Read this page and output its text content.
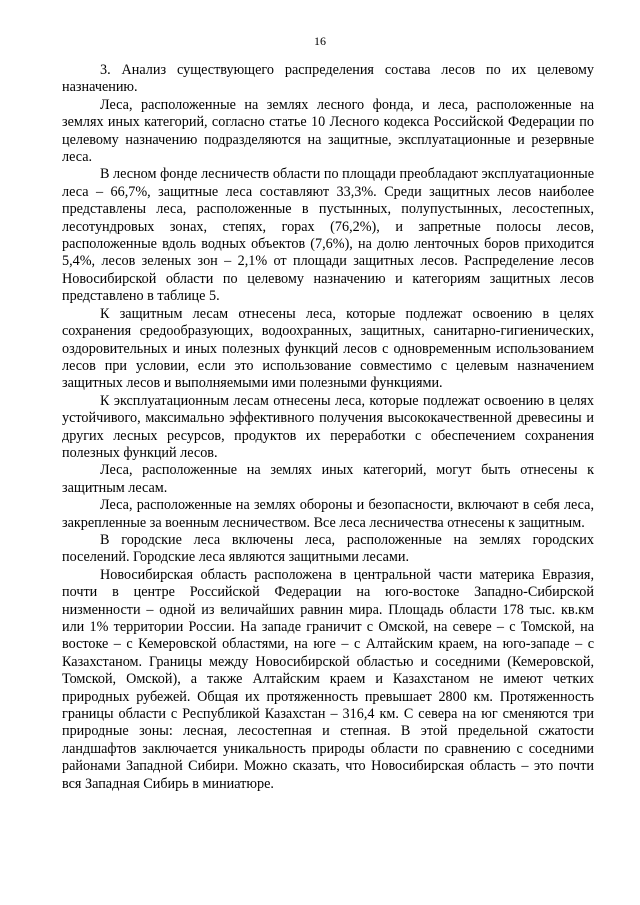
16

3. Анализ существующего распределения состава лесов по их целевому назначению.

Леса, расположенные на землях лесного фонда, и леса, расположенные на землях иных категорий, согласно статье 10 Лесного кодекса Российской Федерации по целевому назначению подразделяются на защитные, эксплуатационные и резервные леса.

В лесном фонде лесничеств области по площади преобладают эксплуатационные леса – 66,7%, защитные леса составляют 33,3%. Среди защитных лесов наиболее представлены леса, расположенные в пустынных, полупустынных, лесостепных, лесотундровых зонах, степях, горах (76,2%), и запретные полосы лесов, расположенные вдоль водных объектов (7,6%), на долю ленточных боров приходится 5,4%, лесов зеленых зон – 2,1% от площади защитных лесов. Распределение лесов Новосибирской области по целевому назначению и категориям защитных лесов представлено в таблице 5.

К защитным лесам отнесены леса, которые подлежат освоению в целях сохранения средообразующих, водоохранных, защитных, санитарно-гигиенических, оздоровительных и иных полезных функций лесов с одновременным использованием лесов при условии, если это использование совместимо с целевым назначением защитных лесов и выполняемыми ими полезными функциями.

К эксплуатационным лесам отнесены леса, которые подлежат освоению в целях устойчивого, максимально эффективного получения высококачественной древесины и других лесных ресурсов, продуктов их переработки с обеспечением сохранения полезных функций лесов.

Леса, расположенные на землях иных категорий, могут быть отнесены к защитным лесам.

Леса, расположенные на землях обороны и безопасности, включают в себя леса, закрепленные за военным лесничеством. Все леса лесничества отнесены к защитным.

В городские леса включены леса, расположенные на землях городских поселений. Городские леса являются защитными лесами.

Новосибирская область расположена в центральной части материка Евразия, почти в центре Российской Федерации на юго-востоке Западно-Сибирской низменности – одной из величайших равнин мира. Площадь области 178 тыс. кв.км или 1% территории России. На западе граничит с Омской, на севере – с Томской, на востоке – с Кемеровской областями, на юге – с Алтайским краем, на юго-западе – с Казахстаном. Границы между Новосибирской областью и соседними (Кемеровской, Томской, Омской), а также Алтайским краем и Казахстаном не имеют четких природных рубежей. Общая их протяженность превышает 2800 км. Протяженность границы области с Республикой Казахстан – 316,4 км. С севера на юг сменяются три природные зоны: лесная, лесостепная и степная. В этой предельной сжатости ландшафтов заключается уникальность природы области по сравнению с соседними районами Западной Сибири. Можно сказать, что Новосибирская область – это почти вся Западная Сибирь в миниатюре.
